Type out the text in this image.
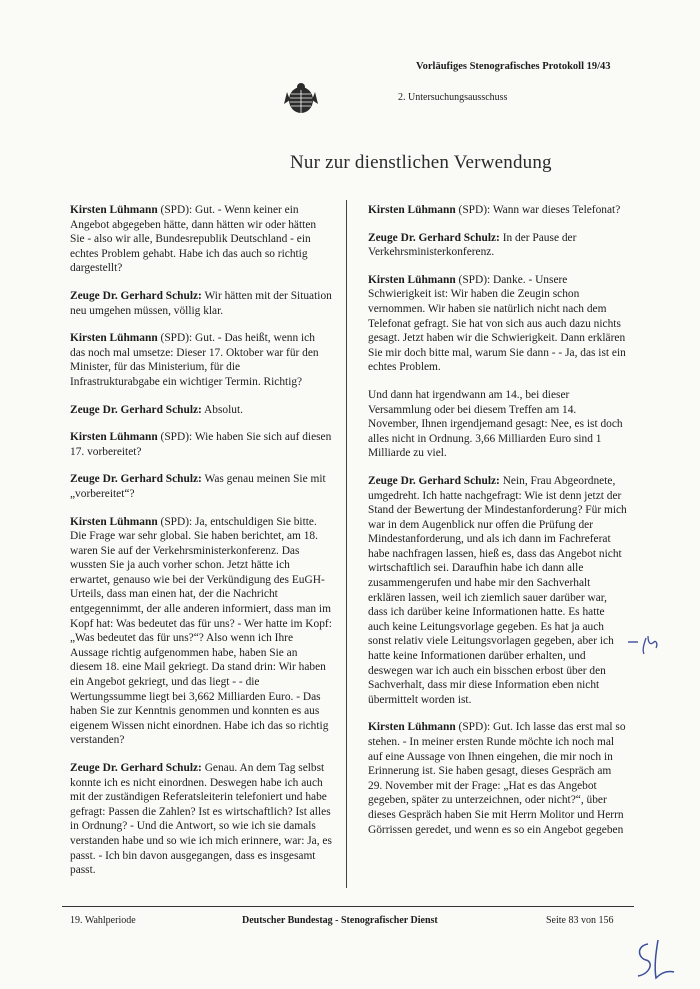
Vorläufiges Stenografisches Protokoll 19/43
2. Untersuchungsausschuss
Nur zur dienstlichen Verwendung

Kirsten Lühmann (SPD): Gut. - Wenn keiner ein Angebot abgegeben hätte, dann hätten wir oder hätten Sie - also wir alle, Bundesrepublik Deutschland - ein echtes Problem gehabt. Habe ich das auch so richtig dargestellt?

Zeuge Dr. Gerhard Schulz: Wir hätten mit der Situation neu umgehen müssen, völlig klar.

Kirsten Lühmann (SPD): Gut. - Das heißt, wenn ich das noch mal umsetze: Dieser 17. Oktober war für den Minister, für das Ministerium, für die Infrastrukturabgabe ein wichtiger Termin. Richtig?

Zeuge Dr. Gerhard Schulz: Absolut.

Kirsten Lühmann (SPD): Wie haben Sie sich auf diesen 17. vorbereitet?

Zeuge Dr. Gerhard Schulz: Was genau meinen Sie mit „vorbereitet“?

Kirsten Lühmann (SPD): Ja, entschuldigen Sie bitte. Die Frage war sehr global. Sie haben berichtet, am 18. waren Sie auf der Verkehrsministerkonferenz. Das wussten Sie ja auch vorher schon. Jetzt hätte ich erwartet, genauso wie bei der Verkündigung des EuGH-Urteils, dass man einen hat, der die Nachricht entgegennimmt, der alle anderen informiert, dass man im Kopf hat: Was bedeutet das für uns? - Wer hatte im Kopf: „Was bedeutet das für uns?“? Also wenn ich Ihre Aussage richtig aufgenommen habe, haben Sie an diesem 18. eine Mail gekriegt. Da stand drin: Wir haben ein Angebot gekriegt, und das liegt - - die Wertungssumme liegt bei 3,662 Milliarden Euro. - Das haben Sie zur Kenntnis genommen und konnten es aus eigenem Wissen nicht einordnen. Habe ich das so richtig verstanden?

Zeuge Dr. Gerhard Schulz: Genau. An dem Tag selbst konnte ich es nicht einordnen. Deswegen habe ich auch mit der zuständigen Referatsleiterin telefoniert und habe gefragt: Passen die Zahlen? Ist es wirtschaftlich? Ist alles in Ordnung? - Und die Antwort, so wie ich sie damals verstanden habe und so wie ich mich erinnere, war: Ja, es passt. - Ich bin davon ausgegangen, dass es insgesamt passt.

Kirsten Lühmann (SPD): Wann war dieses Telefonat?

Zeuge Dr. Gerhard Schulz: In der Pause der Verkehrsministerkonferenz.

Kirsten Lühmann (SPD): Danke. - Unsere Schwierigkeit ist: Wir haben die Zeugin schon vernommen. Wir haben sie natürlich nicht nach dem Telefonat gefragt. Sie hat von sich aus auch dazu nichts gesagt. Jetzt haben wir die Schwierigkeit. Dann erklären Sie mir doch bitte mal, warum Sie dann - - Ja, das ist ein echtes Problem.

Und dann hat irgendwann am 14., bei dieser Versammlung oder bei diesem Treffen am 14. November, Ihnen irgendjemand gesagt: Nee, es ist doch alles nicht in Ordnung. 3,66 Milliarden Euro sind 1 Milliarde zu viel.

Zeuge Dr. Gerhard Schulz: Nein, Frau Abgeordnete, umgedreht. Ich hatte nachgefragt: Wie ist denn jetzt der Stand der Bewertung der Mindestanforderung? Für mich war in dem Augenblick nur offen die Prüfung der Mindestanforderung, und als ich dann im Fachreferat habe nachfragen lassen, hieß es, dass das Angebot nicht wirtschaftlich sei. Daraufhin habe ich dann alle zusammengerufen und habe mir den Sachverhalt erklären lassen, weil ich ziemlich sauer darüber war, dass ich darüber keine Informationen hatte. Es hatte auch keine Leitungsvorlage gegeben. Es hat ja auch sonst relativ viele Leitungsvorlagen gegeben, aber ich hatte keine Informationen darüber erhalten, und deswegen war ich auch ein bisschen erbost über den Sachverhalt, dass mir diese Information eben nicht übermittelt worden ist.

Kirsten Lühmann (SPD): Gut. Ich lasse das erst mal so stehen. - In meiner ersten Runde möchte ich noch mal auf eine Aussage von Ihnen eingehen, die mir noch in Erinnerung ist. Sie haben gesagt, dieses Gespräch am 29. November mit der Frage: „Hat es das Angebot gegeben, später zu unterzeichnen, oder nicht?“, über dieses Gespräch haben Sie mit Herrn Molitor und Herrn Görrissen geredet, und wenn es so ein Angebot gegeben

19. Wahlperiode	Deutscher Bundestag - Stenografischer Dienst	Seite 83 von 156
